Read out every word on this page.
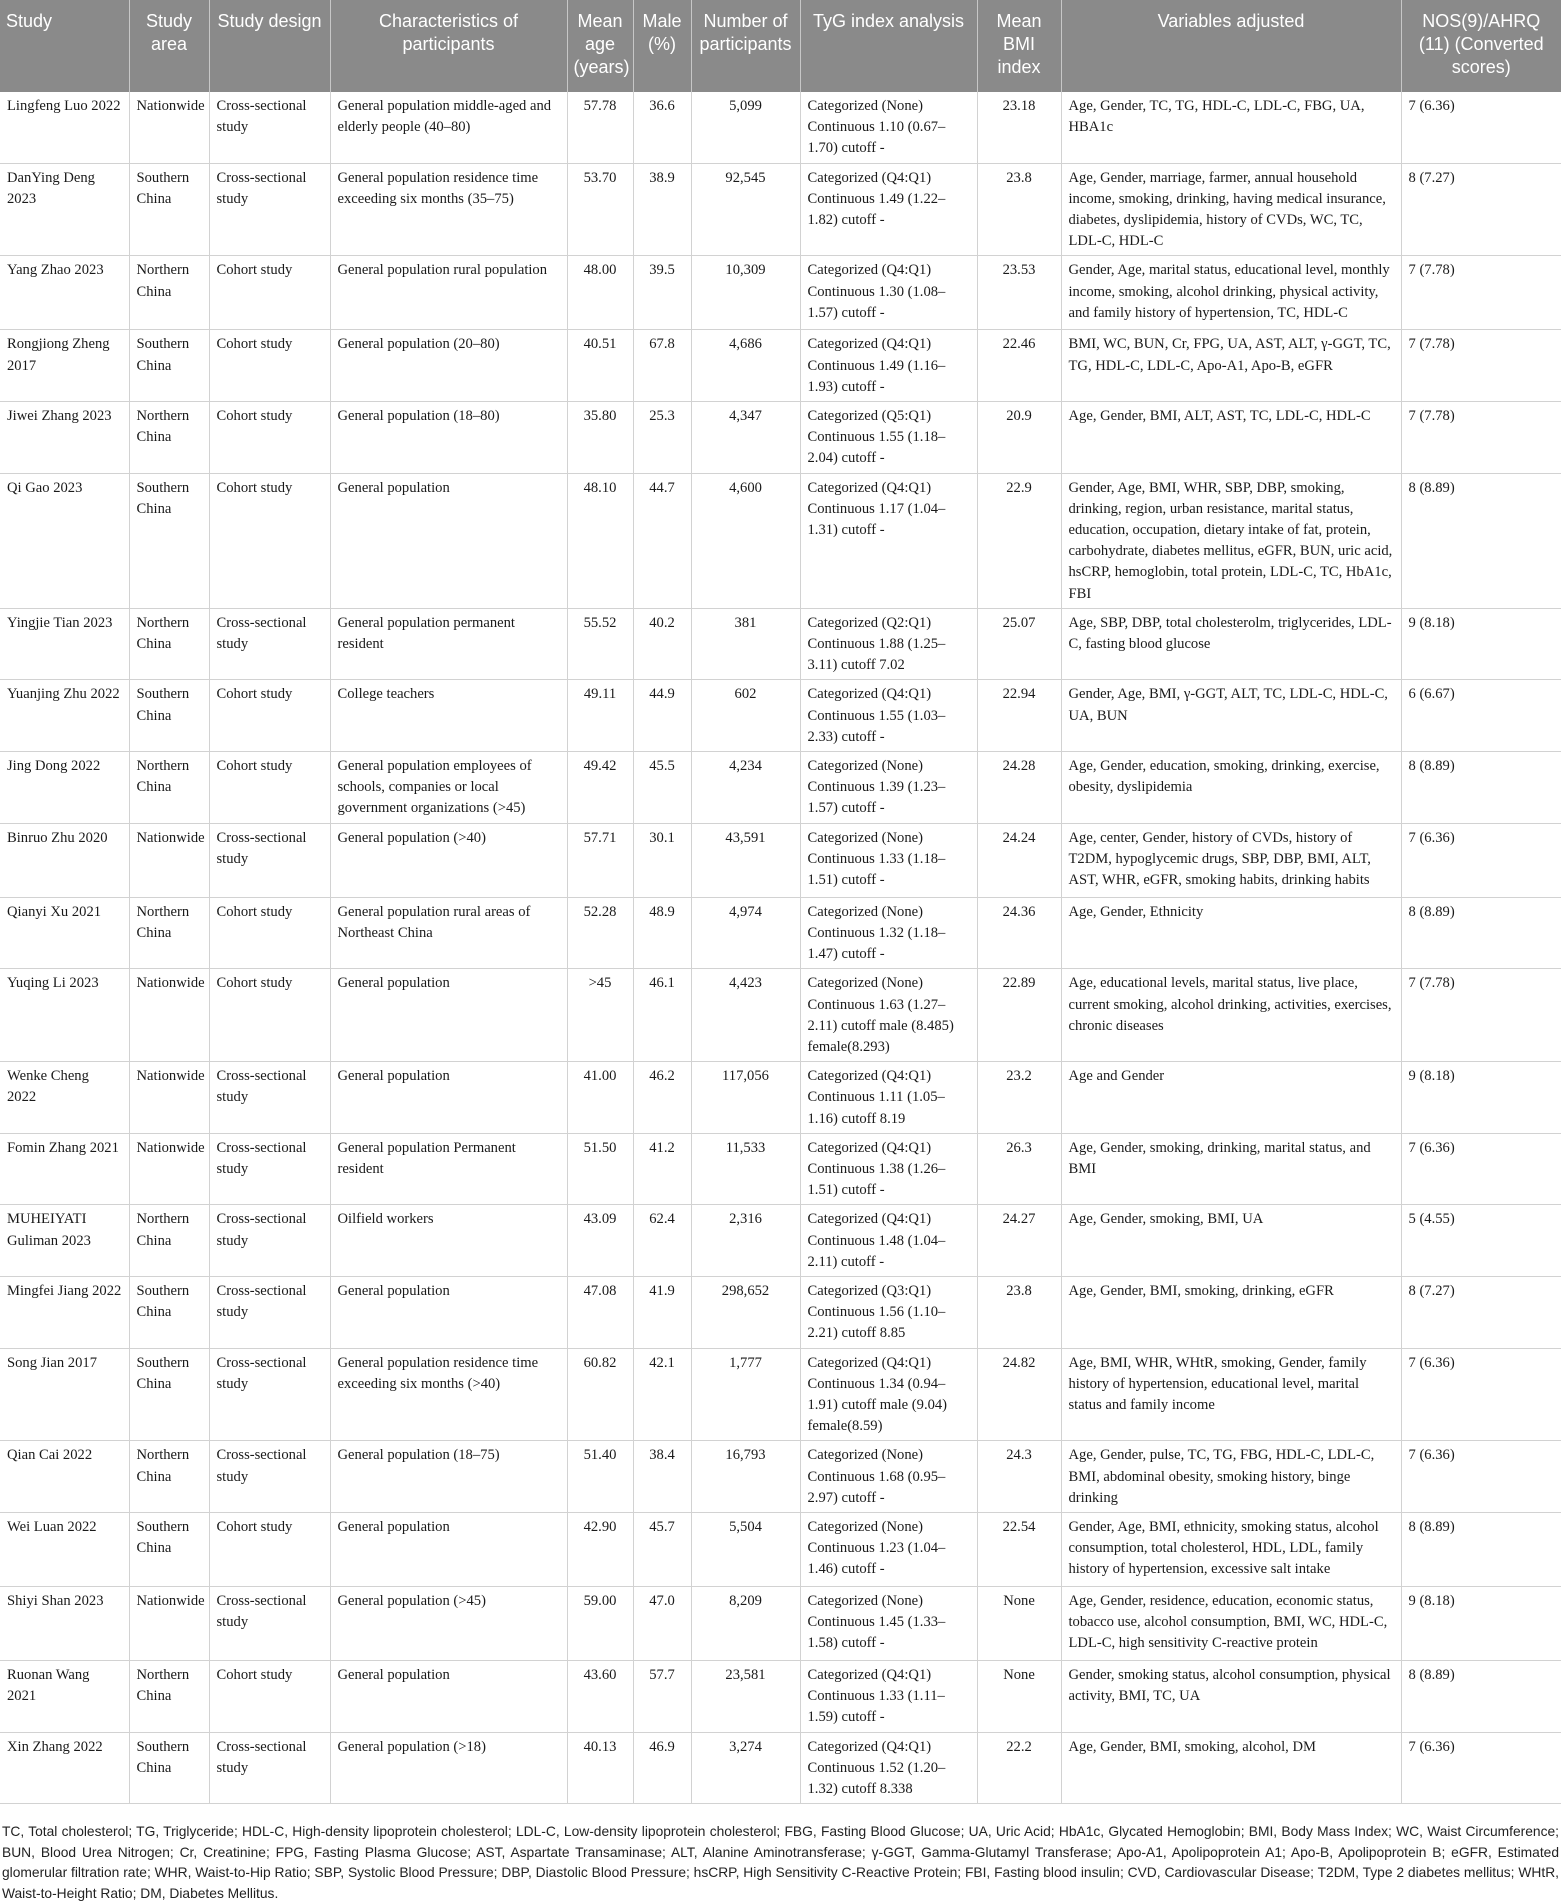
Study	Study area	Study design	Characteristics of participants	Mean age (years)	Male (%)	Number of participants	TyG index analysis	Mean BMI index	Variables adjusted	NOS(9)/AHRQ (11) (Converted scores)
Lingfeng Luo 2022	Nationwide	Cross-sectional study	General population middle-aged and elderly people (40–80)	57.78	36.6	5,099	Categorized (None) Continuous 1.10 (0.67–1.70) cutoff -	23.18	Age, Gender, TC, TG, HDL-C, LDL-C, FBG, UA, HBA1c	7 (6.36)
DanYing Deng 2023	Southern China	Cross-sectional study	General population residence time exceeding six months (35–75)	53.70	38.9	92,545	Categorized (Q4:Q1) Continuous 1.49 (1.22–1.82) cutoff -	23.8	Age, Gender, marriage, farmer, annual household income, smoking, drinking, having medical insurance, diabetes, dyslipidemia, history of CVDs, WC, TC, LDL-C, HDL-C	8 (7.27)
Yang Zhao 2023	Northern China	Cohort study	General population rural population	48.00	39.5	10,309	Categorized (Q4:Q1) Continuous 1.30 (1.08–1.57) cutoff -	23.53	Gender, Age, marital status, educational level, monthly income, smoking, alcohol drinking, physical activity, and family history of hypertension, TC, HDL-C	7 (7.78)
Rongjiong Zheng 2017	Southern China	Cohort study	General population (20–80)	40.51	67.8	4,686	Categorized (Q4:Q1) Continuous 1.49 (1.16–1.93) cutoff -	22.46	BMI, WC, BUN, Cr, FPG, UA, AST, ALT, γ-GGT, TC, TG, HDL-C, LDL-C, Apo-A1, Apo-B, eGFR	7 (7.78)
Jiwei Zhang 2023	Northern China	Cohort study	General population (18–80)	35.80	25.3	4,347	Categorized (Q5:Q1) Continuous 1.55 (1.18–2.04) cutoff -	20.9	Age, Gender, BMI, ALT, AST, TC, LDL-C, HDL-C	7 (7.78)
Qi Gao 2023	Southern China	Cohort study	General population	48.10	44.7	4,600	Categorized (Q4:Q1) Continuous 1.17 (1.04–1.31) cutoff -	22.9	Gender, Age, BMI, WHR, SBP, DBP, smoking, drinking, region, urban resistance, marital status, education, occupation, dietary intake of fat, protein, carbohydrate, diabetes mellitus, eGFR, BUN, uric acid, hsCRP, hemoglobin, total protein, LDL-C, TC, HbA1c, FBI	8 (8.89)
Yingjie Tian 2023	Northern China	Cross-sectional study	General population permanent resident	55.52	40.2	381	Categorized (Q2:Q1) Continuous 1.88 (1.25–3.11) cutoff 7.02	25.07	Age, SBP, DBP, total cholesterolm, triglycerides, LDL-C, fasting blood glucose	9 (8.18)
Yuanjing Zhu 2022	Southern China	Cohort study	College teachers	49.11	44.9	602	Categorized (Q4:Q1) Continuous 1.55 (1.03–2.33) cutoff -	22.94	Gender, Age, BMI, γ-GGT, ALT, TC, LDL-C, HDL-C, UA, BUN	6 (6.67)
Jing Dong 2022	Northern China	Cohort study	General population employees of schools, companies or local government organizations (>45)	49.42	45.5	4,234	Categorized (None) Continuous 1.39 (1.23–1.57) cutoff -	24.28	Age, Gender, education, smoking, drinking, exercise, obesity, dyslipidemia	8 (8.89)
Binruo Zhu 2020	Nationwide	Cross-sectional study	General population (>40)	57.71	30.1	43,591	Categorized (None) Continuous 1.33 (1.18–1.51) cutoff -	24.24	Age, center, Gender, history of CVDs, history of T2DM, hypoglycemic drugs, SBP, DBP, BMI, ALT, AST, WHR, eGFR, smoking habits, drinking habits	7 (6.36)
Qianyi Xu 2021	Northern China	Cohort study	General population rural areas of Northeast China	52.28	48.9	4,974	Categorized (None) Continuous 1.32 (1.18–1.47) cutoff -	24.36	Age, Gender, Ethnicity	8 (8.89)
Yuqing Li 2023	Nationwide	Cohort study	General population	>45	46.1	4,423	Categorized (None) Continuous 1.63 (1.27–2.11) cutoff male (8.485) female(8.293)	22.89	Age, educational levels, marital status, live place, current smoking, alcohol drinking, activities, exercises, chronic diseases	7 (7.78)
Wenke Cheng 2022	Nationwide	Cross-sectional study	General population	41.00	46.2	117,056	Categorized (Q4:Q1) Continuous 1.11 (1.05–1.16) cutoff 8.19	23.2	Age and Gender	9 (8.18)
Fomin Zhang 2021	Nationwide	Cross-sectional study	General population Permanent resident	51.50	41.2	11,533	Categorized (Q4:Q1) Continuous 1.38 (1.26–1.51) cutoff -	26.3	Age, Gender, smoking, drinking, marital status, and BMI	7 (6.36)
MUHEIYATI Guliman 2023	Northern China	Cross-sectional study	Oilfield workers	43.09	62.4	2,316	Categorized (Q4:Q1) Continuous 1.48 (1.04–2.11) cutoff -	24.27	Age, Gender, smoking, BMI, UA	5 (4.55)
Mingfei Jiang 2022	Southern China	Cross-sectional study	General population	47.08	41.9	298,652	Categorized (Q3:Q1) Continuous 1.56 (1.10–2.21) cutoff 8.85	23.8	Age, Gender, BMI, smoking, drinking, eGFR	8 (7.27)
Song Jian 2017	Southern China	Cross-sectional study	General population residence time exceeding six months (>40)	60.82	42.1	1,777	Categorized (Q4:Q1) Continuous 1.34 (0.94–1.91) cutoff male (9.04) female(8.59)	24.82	Age, BMI, WHR, WHtR, smoking, Gender, family history of hypertension, educational level, marital status and family income	7 (6.36)
Qian Cai 2022	Northern China	Cross-sectional study	General population (18–75)	51.40	38.4	16,793	Categorized (None) Continuous 1.68 (0.95–2.97) cutoff -	24.3	Age, Gender, pulse, TC, TG, FBG, HDL-C, LDL-C, BMI, abdominal obesity, smoking history, binge drinking	7 (6.36)
Wei Luan 2022	Southern China	Cohort study	General population	42.90	45.7	5,504	Categorized (None) Continuous 1.23 (1.04–1.46) cutoff -	22.54	Gender, Age, BMI, ethnicity, smoking status, alcohol consumption, total cholesterol, HDL, LDL, family history of hypertension, excessive salt intake	8 (8.89)
Shiyi Shan 2023	Nationwide	Cross-sectional study	General population (>45)	59.00	47.0	8,209	Categorized (None) Continuous 1.45 (1.33–1.58) cutoff -	None	Age, Gender, residence, education, economic status, tobacco use, alcohol consumption, BMI, WC, HDL-C, LDL-C, high sensitivity C-reactive protein	9 (8.18)
Ruonan Wang 2021	Northern China	Cohort study	General population	43.60	57.7	23,581	Categorized (Q4:Q1) Continuous 1.33 (1.11–1.59) cutoff -	None	Gender, smoking status, alcohol consumption, physical activity, BMI, TC, UA	8 (8.89)
Xin Zhang 2022	Southern China	Cross-sectional study	General population (>18)	40.13	46.9	3,274	Categorized (Q4:Q1) Continuous 1.52 (1.20–1.32) cutoff 8.338	22.2	Age, Gender, BMI, smoking, alcohol, DM	7 (6.36)
TC, Total cholesterol; TG, Triglyceride; HDL-C, High-density lipoprotein cholesterol; LDL-C, Low-density lipoprotein cholesterol; FBG, Fasting Blood Glucose; UA, Uric Acid; HbA1c, Glycated Hemoglobin; BMI, Body Mass Index; WC, Waist Circumference; BUN, Blood Urea Nitrogen; Cr, Creatinine; FPG, Fasting Plasma Glucose; AST, Aspartate Transaminase; ALT, Alanine Aminotransferase; γ-GGT, Gamma-Glutamyl Transferase; Apo-A1, Apolipoprotein A1; Apo-B, Apolipoprotein B; eGFR, Estimated glomerular filtration rate; WHR, Waist-to-Hip Ratio; SBP, Systolic Blood Pressure; DBP, Diastolic Blood Pressure; hsCRP, High Sensitivity C-Reactive Protein; FBI, Fasting blood insulin; CVD, Cardiovascular Disease; T2DM, Type 2 diabetes mellitus; WHtR, Waist-to-Height Ratio; DM, Diabetes Mellitus.
